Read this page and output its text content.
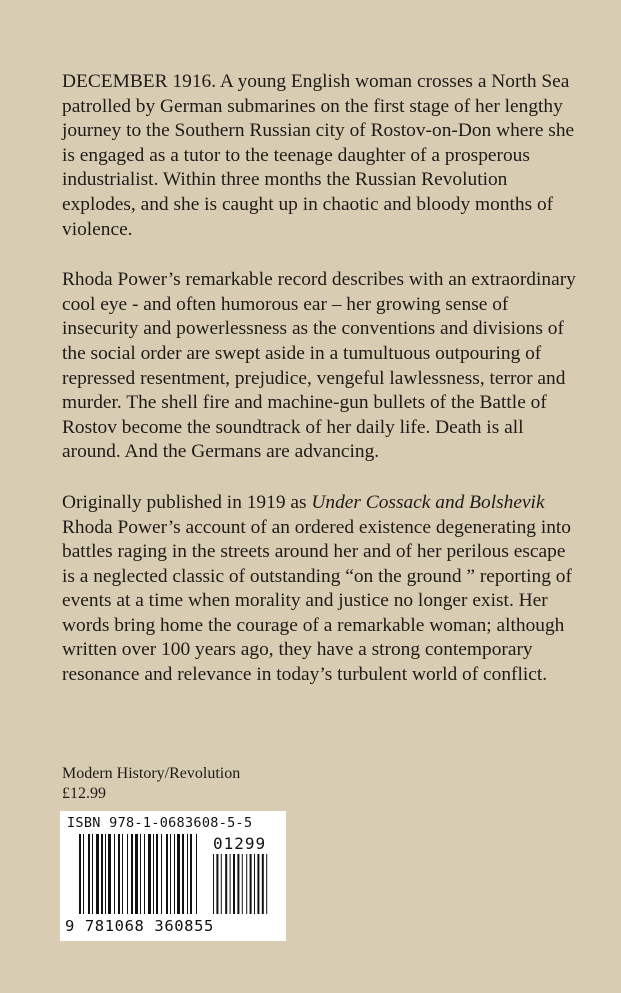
DECEMBER 1916. A young English woman crosses a North Sea patrolled by German submarines on the first stage of her lengthy journey to the Southern Russian city of Rostov-on-Don where she is engaged as a tutor to the teenage daughter of a prosperous industrialist. Within three months the Russian Revolution explodes, and she is caught up in chaotic and bloody months of violence.

Rhoda Power’s remarkable record describes with an extraordinary cool eye - and often humorous ear – her growing sense of insecurity and powerlessness as the conventions and divisions of the social order are swept aside in a tumultuous outpouring of repressed resentment, prejudice, vengeful lawlessness, terror and murder. The shell fire and machine-gun bullets of the Battle of Rostov become the soundtrack of her daily life. Death is all around. And the Germans are advancing.

Originally published in 1919 as Under Cossack and Bolshevik Rhoda Power’s account of an ordered existence degenerating into battles raging in the streets around her and of her perilous escape is a neglected classic of outstanding “on the ground ” reporting of events at a time when morality and justice no longer exist. Her words bring home the courage of a remarkable woman; although written over 100 years ago, they have a strong contemporary resonance and relevance in today’s turbulent world of conflict.

Modern History/Revolution
£12.99
ISBN 978-1-0683608-5-5
01299
9 781068 360855
